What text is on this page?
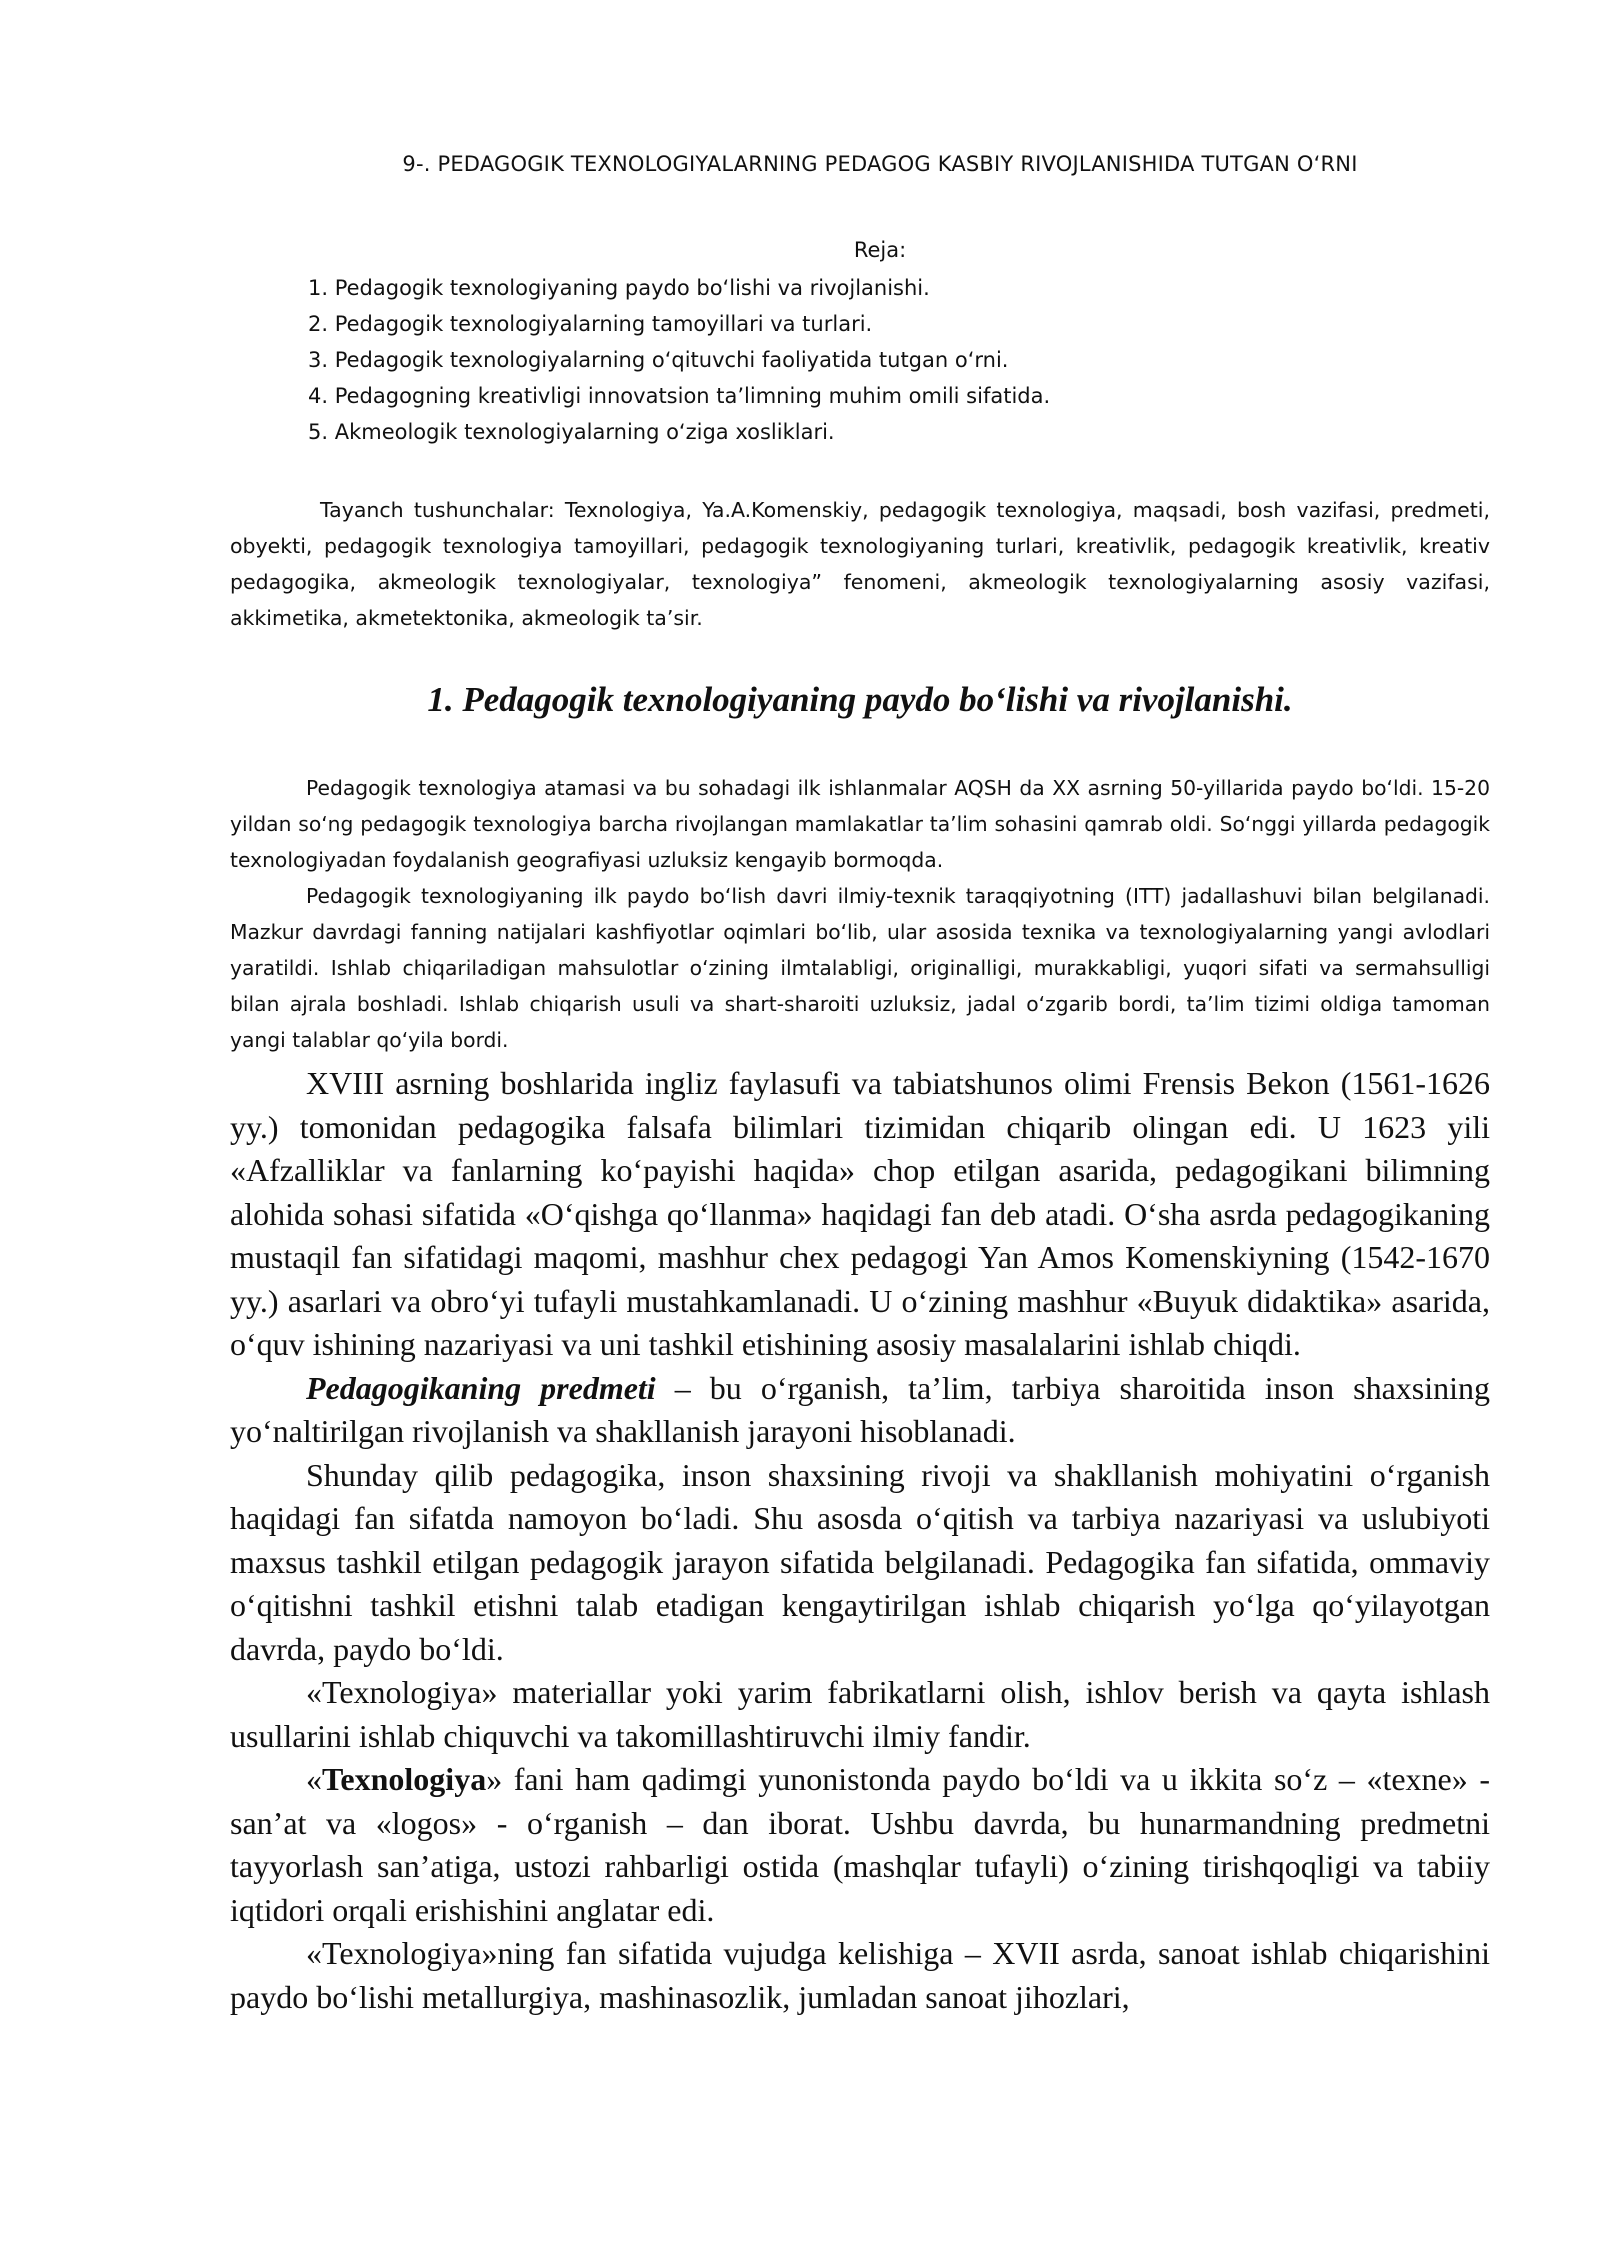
9-. PEDAGOGIK TEXNOLOGIYALARNING PEDAGOG KASBIY RIVOJLANISHIDA TUTGAN O‘RNI
Reja:
1. Pedagogik texnologiyaning paydo bo‘lishi va rivojlanishi.
2. Pedagogik texnologiyalarning tamoyillari va turlari.
3. Pedagogik texnologiyalarning o‘qituvchi faoliyatida tutgan o‘rni.
4. Pedagogning kreativligi innovatsion ta’limning muhim omili sifatida.
5. Akmeologik texnologiyalarning o‘ziga xosliklari.

Tayanch tushunchalar: Texnologiya, Ya.A.Komenskiy, pedagogik texnologiya, maqsadi, bosh vazifasi, predmeti, obyekti, pedagogik texnologiya tamoyillari, pedagogik texnologiyaning turlari, kreativlik, pedagogik kreativlik, kreativ pedagogika, akmeologik texnologiyalar, texnologiya” fenomeni, akmeologik texnologiyalarning asosiy vazifasi, akkimetika, akmetektonika, akmeologik ta’sir.

1. Pedagogik texnologiyaning paydo bo‘lishi va rivojlanishi.

Pedagogik texnologiya atamasi va bu sohadagi ilk ishlanmalar AQSH da XX asrning 50-yillarida paydo bo‘ldi. 15-20 yildan so‘ng pedagogik texnologiya barcha rivojlangan mamlakatlar ta’lim sohasini qamrab oldi. So‘nggi yillarda pedagogik texnologiyadan foydalanish geografiyasi uzluksiz kengayib bormoqda.

Pedagogik texnologiyaning ilk paydo bo‘lish davri ilmiy-texnik taraqqiyotning (ITT) jadallashuvi bilan belgilanadi. Mazkur davrdagi fanning natijalari kashfiyotlar oqimlari bo‘lib, ular asosida texnika va texnologiyalarning yangi avlodlari yaratildi. Ishlab chiqariladigan mahsulotlar o‘zining ilmtalabligi, originalligi, murakkabligi, yuqori sifati va sermahsulligi bilan ajrala boshladi. Ishlab chiqarish usuli va shart-sharoiti uzluksiz, jadal o‘zgarib bordi, ta’lim tizimi oldiga tamoman yangi talablar qo‘yila bordi.

XVIII asrning boshlarida ingliz faylasufi va tabiatshunos olimi Frensis Bekon (1561-1626 yy.) tomonidan pedagogika falsafa bilimlari tizimidan chiqarib olingan edi. U 1623 yili «Afzalliklar va fanlarning ko‘payishi haqida» chop etilgan asarida, pedagogikani bilimning alohida sohasi sifatida «O‘qishga qo‘llanma» haqidagi fan deb atadi. O‘sha asrda pedagogikaning mustaqil fan sifatidagi maqomi, mashhur chex pedagogi Yan Amos Komenskiyning (1542-1670 yy.) asarlari va obro‘yi tufayli mustahkamlanadi. U o‘zining mashhur «Buyuk didaktika» asarida, o‘quv ishining nazariyasi va uni tashkil etishining asosiy masalalarini ishlab chiqdi.

Pedagogikaning predmeti – bu o‘rganish, ta’lim, tarbiya sharoitida inson shaxsining yo‘naltirilgan rivojlanish va shakllanish jarayoni hisoblanadi.

Shunday qilib pedagogika, inson shaxsining rivoji va shakllanish mohiyatini o‘rganish haqidagi fan sifatda namoyon bo‘ladi. Shu asosda o‘qitish va tarbiya nazariyasi va uslubiyoti maxsus tashkil etilgan pedagogik jarayon sifatida belgilanadi. Pedagogika fan sifatida, ommaviy o‘qitishni tashkil etishni talab etadigan kengaytirilgan ishlab chiqarish yo‘lga qo‘yilayotgan davrda, paydo bo‘ldi.

«Texnologiya» materiallar yoki yarim fabrikatlarni olish, ishlov berish va qayta ishlash usullarini ishlab chiquvchi va takomillashtiruvchi ilmiy fandir.

«Texnologiya» fani ham qadimgi yunonistonda paydo bo‘ldi va u ikkita so‘z – «texne» - san’at va «logos» - o‘rganish – dan iborat. Ushbu davrda, bu hunarmandning predmetni tayyorlash san’atiga, ustozi rahbarligi ostida (mashqlar tufayli) o‘zining tirishqoqligi va tabiiy iqtidori orqali erishishini anglatar edi.

«Texnologiya»ning fan sifatida vujudga kelishiga – XVII asrda, sanoat ishlab chiqarishini paydo bo‘lishi metallurgiya, mashinasozlik, jumladan sanoat jihozlari,
